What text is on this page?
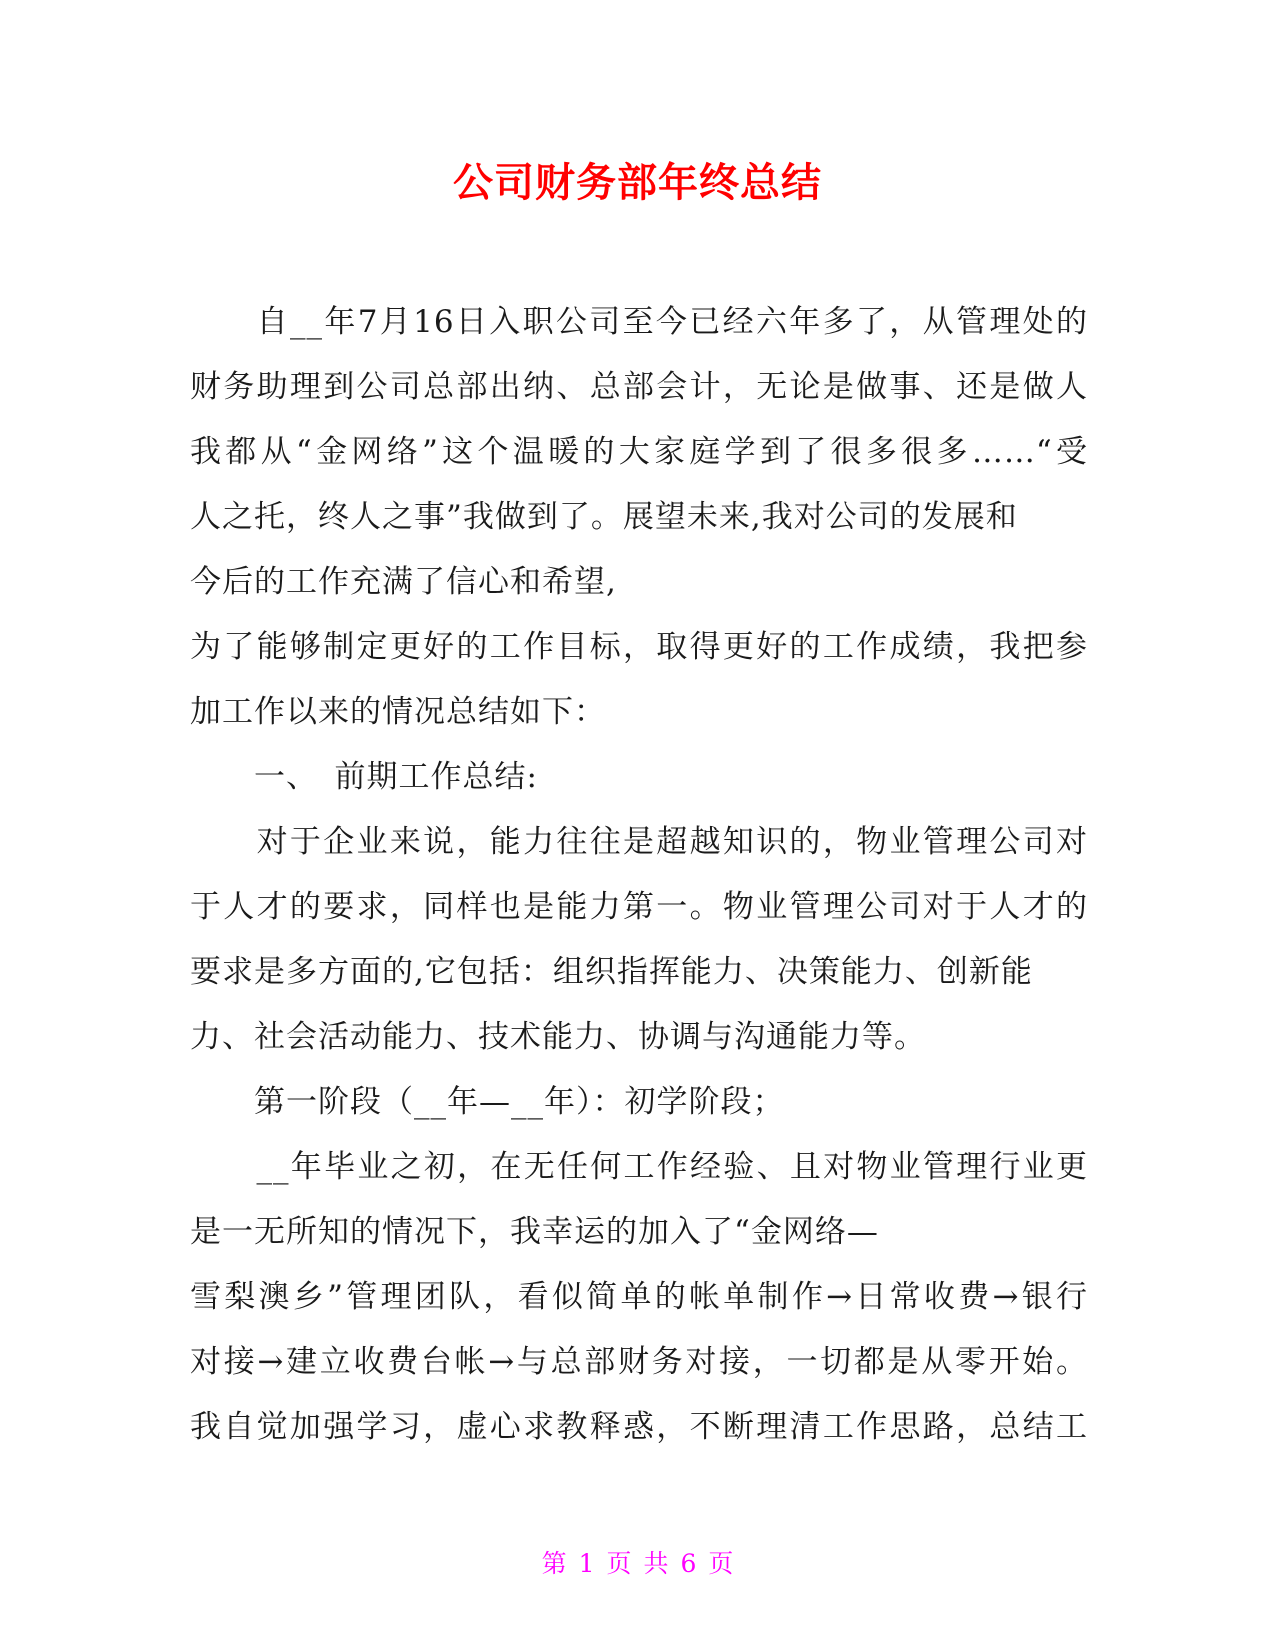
公司财务部年终总结
　　自__年7月16日入职公司至今已经六年多了，从管理处的
财务助理到公司总部出纳、总部会计，无论是做事、还是做人
我都从“金网络”这个温暖的大家庭学到了很多很多……“受
人之托，终人之事”我做到了。展望未来,我对公司的发展和
今后的工作充满了信心和希望,
为了能够制定更好的工作目标，取得更好的工作成绩，我把参
加工作以来的情况总结如下：
　　一、　前期工作总结:
　　对于企业来说，能力往往是超越知识的，物业管理公司对
于人才的要求，同样也是能力第一。物业管理公司对于人才的
要求是多方面的,它包括：组织指挥能力、决策能力、创新能
力、社会活动能力、技术能力、协调与沟通能力等。
　　第一阶段（__年—__年）：初学阶段；
　　__年毕业之初，在无任何工作经验、且对物业管理行业更
是一无所知的情况下，我幸运的加入了“金网络—
雪梨澳乡”管理团队，看似简单的帐单制作→日常收费→银行
对接→建立收费台帐→与总部财务对接，一切都是从零开始。
我自觉加强学习，虚心求教释惑，不断理清工作思路，总结工
第 1 页 共 6 页
